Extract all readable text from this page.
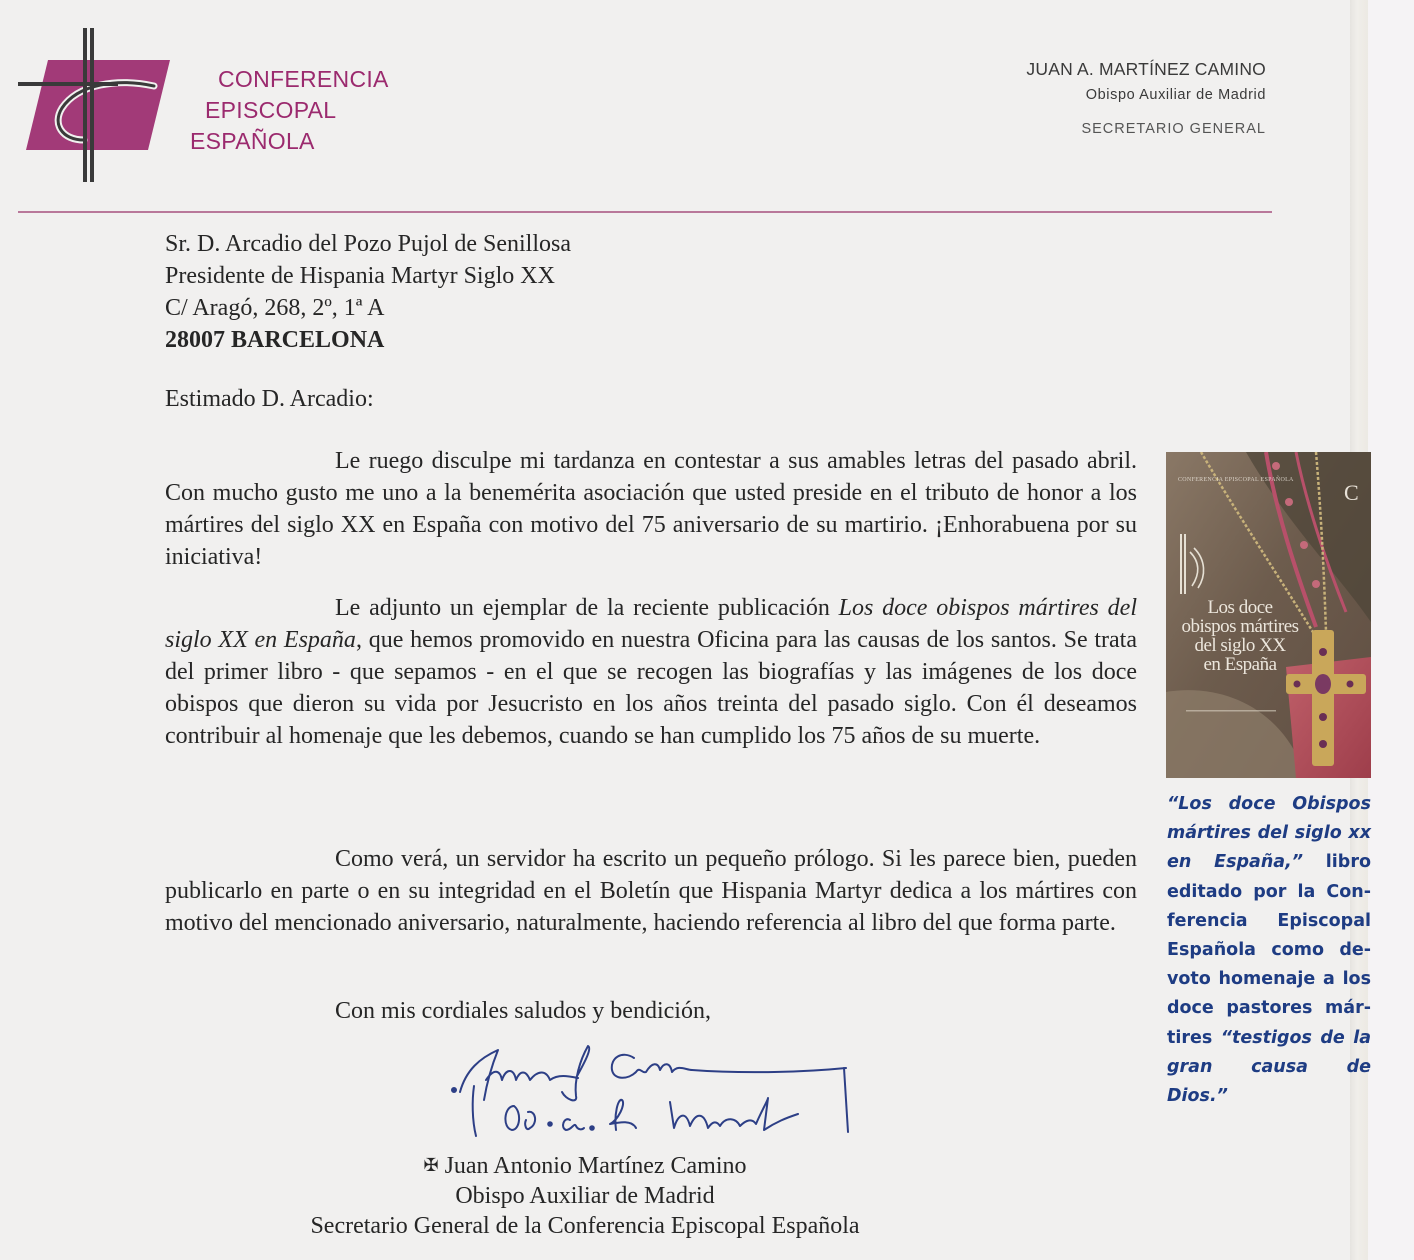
CONFERENCIA
EPISCOPAL
ESPAÑOLA
JUAN A. MARTÍNEZ CAMINO
Obispo Auxiliar de Madrid
SECRETARIO GENERAL
Sr. D. Arcadio del Pozo Pujol de Senillosa
Presidente de Hispania Martyr Siglo XX
C/ Aragó, 268, 2º, 1ª A
28007 BARCELONA
Estimado D. Arcadio:
Le ruego disculpe mi tardanza en contestar a sus amables letras del pasado abril. Con mucho gusto me uno a la benemérita asociación que usted preside en el tributo de honor a los mártires del siglo XX en España con motivo del 75 aniversario de su martirio. ¡Enhorabuena por su iniciativa!
Le adjunto un ejemplar de la reciente publicación Los doce obispos mártires del siglo XX en España, que hemos promovido en nuestra Oficina para las causas de los santos. Se trata del primer libro - que sepamos - en el que se recogen las biografías y las imágenes de los doce obispos que dieron su vida por Jesucristo en los años treinta del pasado siglo. Con él deseamos contribuir al homenaje que les debemos, cuando se han cumplido los 75 años de su muerte.
Como verá, un servidor ha escrito un pequeño prólogo. Si les parece bien, pueden publicarlo en parte o en su integridad en el Boletín que Hispania Martyr dedica a los mártires con motivo del mencionado aniversario, naturalmente, haciendo referencia al libro del que forma parte.
Con mis cordiales saludos y bendición,
✠ Juan Antonio Martínez Camino
Obispo Auxiliar de Madrid
Secretario General de la Conferencia Episcopal Española
C
CONFERENCIA EPISCOPAL ESPAÑOLA
Los doce
obispos mártires
del siglo XX
en España
“Los doce Obispos mártires del siglo xx en España,” libro editado por la Conferencia Episcopal Española como devoto homenaje a los doce pastores mártires “testigos de la gran causa de Dios.”
